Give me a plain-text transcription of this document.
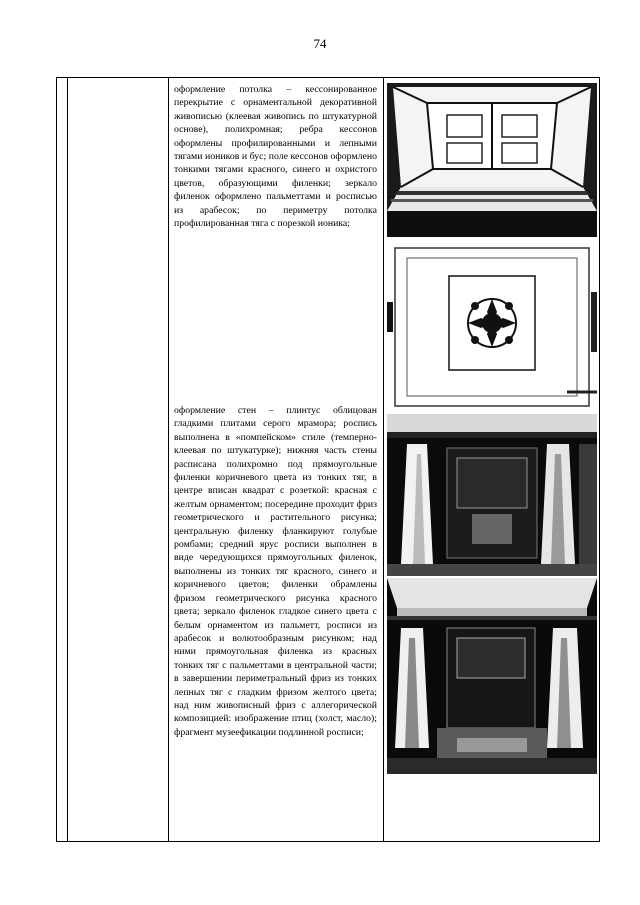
74

оформление потолка – кессонированное перекрытие с орнаментальной декоративной живописью (клеевая живопись по штукатурной основе), полихромная; ребра кессонов оформлены профилированными и лепными тягами иоников и бус; поле кессонов оформлено тонкими тягами красного, синего и охристого цветов, образующими филенки; зеркало филенок оформлено пальметтами и росписью из арабесок; по периметру потолка профилированная тяга с порезкой ионика;

оформление стен – плинтус облицован гладкими плитами серого мрамора; роспись выполнена в «помпейском» стиле (темперно-клеевая по штукатурке); нижняя часть стены расписана полихромно под прямоугольные филенки коричневого цвета из тонких тяг, в центре вписан квадрат с розеткой: красная с желтым орнаментом; посередине проходит фриз геометрического и растительного рисунка; центральную филенку фланкируют голубые ромбами; средний ярус росписи выполнен в виде чередующихся прямоугольных филенок, выполнены из тонких тяг красного, синего и коричневого цветов; филенки обрамлены фризом геометрического рисунка красного цвета; зеркало филенок гладкое синего цвета с белым орнаментом из пальметт, росписи из арабесок и волютообразным рисунком; над ними прямоугольная филенка из красных тонких тяг с пальметтами в центральной части; в завершении периметральный фриз из тонких лепных тяг с гладким фризом желтого цвета; над ним живописный фриз с аллегорической композицией: изображение птиц (холст, масло); фрагмент музеефикации подлинной росписи;
